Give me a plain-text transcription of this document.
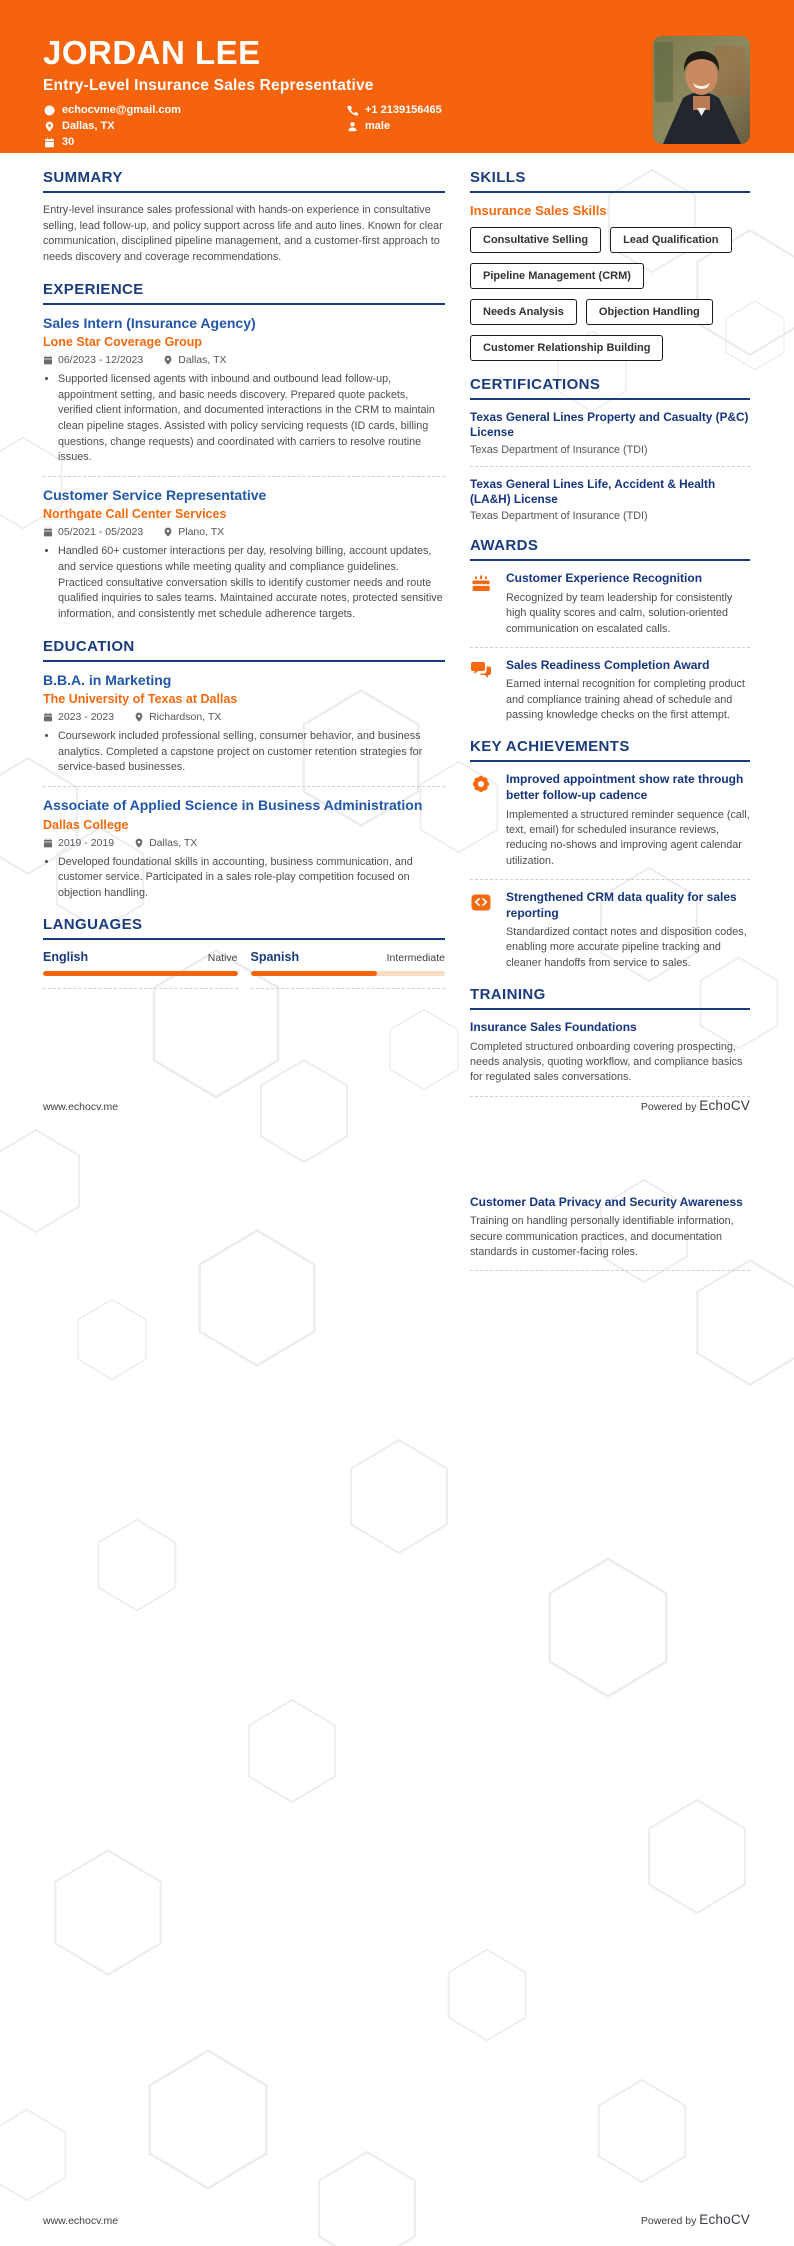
JORDAN LEE
Entry-Level Insurance Sales Representative
echocvme@gmail.com	+1 2139156465
Dallas, TX	male
30
SUMMARY

Entry-level insurance sales professional with hands-on experience in consultative selling, lead follow-up, and policy support across life and auto lines. Known for clear communication, disciplined pipeline management, and a customer-first approach to needs discovery and coverage recommendations.

EXPERIENCE
Sales Intern (Insurance Agency)
Lone Star Coverage Group
06/2023 - 12/2023	Dallas, TX
• Supported licensed agents with inbound and outbound lead follow-up, appointment setting, and basic needs discovery. Prepared quote packets, verified client information, and documented interactions in the CRM to maintain clean pipeline stages. Assisted with policy servicing requests (ID cards, billing questions, change requests) and coordinated with carriers to resolve routine issues.
Customer Service Representative
Northgate Call Center Services
05/2021 - 05/2023	Plano, TX
• Handled 60+ customer interactions per day, resolving billing, account updates, and service questions while meeting quality and compliance guidelines. Practiced consultative conversation skills to identify customer needs and route qualified inquiries to sales teams. Maintained accurate notes, protected sensitive information, and consistently met schedule adherence targets.
EDUCATION
B.B.A. in Marketing
The University of Texas at Dallas
2023 - 2023	Richardson, TX
• Coursework included professional selling, consumer behavior, and business analytics. Completed a capstone project on customer retention strategies for service-based businesses.
Associate of Applied Science in Business Administration
Dallas College
2019 - 2019	Dallas, TX
• Developed foundational skills in accounting, business communication, and customer service. Participated in a sales role-play competition focused on objection handling.
LANGUAGES
English	Native Spanish	Intermediate
SKILLS
Insurance Sales Skills
Consultative Selling	Lead Qualification
Pipeline Management (CRM)
Needs Analysis	Objection Handling
Customer Relationship Building
CERTIFICATIONS
Texas General Lines Property and Casualty (P&C) License
Texas Department of Insurance (TDI)
Texas General Lines Life, Accident & Health (LA&H) License
Texas Department of Insurance (TDI)
AWARDS
Customer Experience Recognition
Recognized by team leadership for consistently high quality scores and calm, solution-oriented communication on escalated calls.
Sales Readiness Completion Award
Earned internal recognition for completing product and compliance training ahead of schedule and passing knowledge checks on the first attempt.
KEY ACHIEVEMENTS
Improved appointment show rate through better follow-up cadence
Implemented a structured reminder sequence (call, text, email) for scheduled insurance reviews, reducing no-shows and improving agent calendar utilization.
Strengthened CRM data quality for sales reporting
Standardized contact notes and disposition codes, enabling more accurate pipeline tracking and cleaner handoffs from service to sales.
TRAINING
Insurance Sales Foundations
Completed structured onboarding covering prospecting, needs analysis, quoting workflow, and compliance basics for regulated sales conversations.
Customer Data Privacy and Security Awareness
Training on handling personally identifiable information, secure communication practices, and documentation standards in customer-facing roles.
www.echocv.me	Powered by EchoCV
www.echocv.me	Powered by EchoCV
